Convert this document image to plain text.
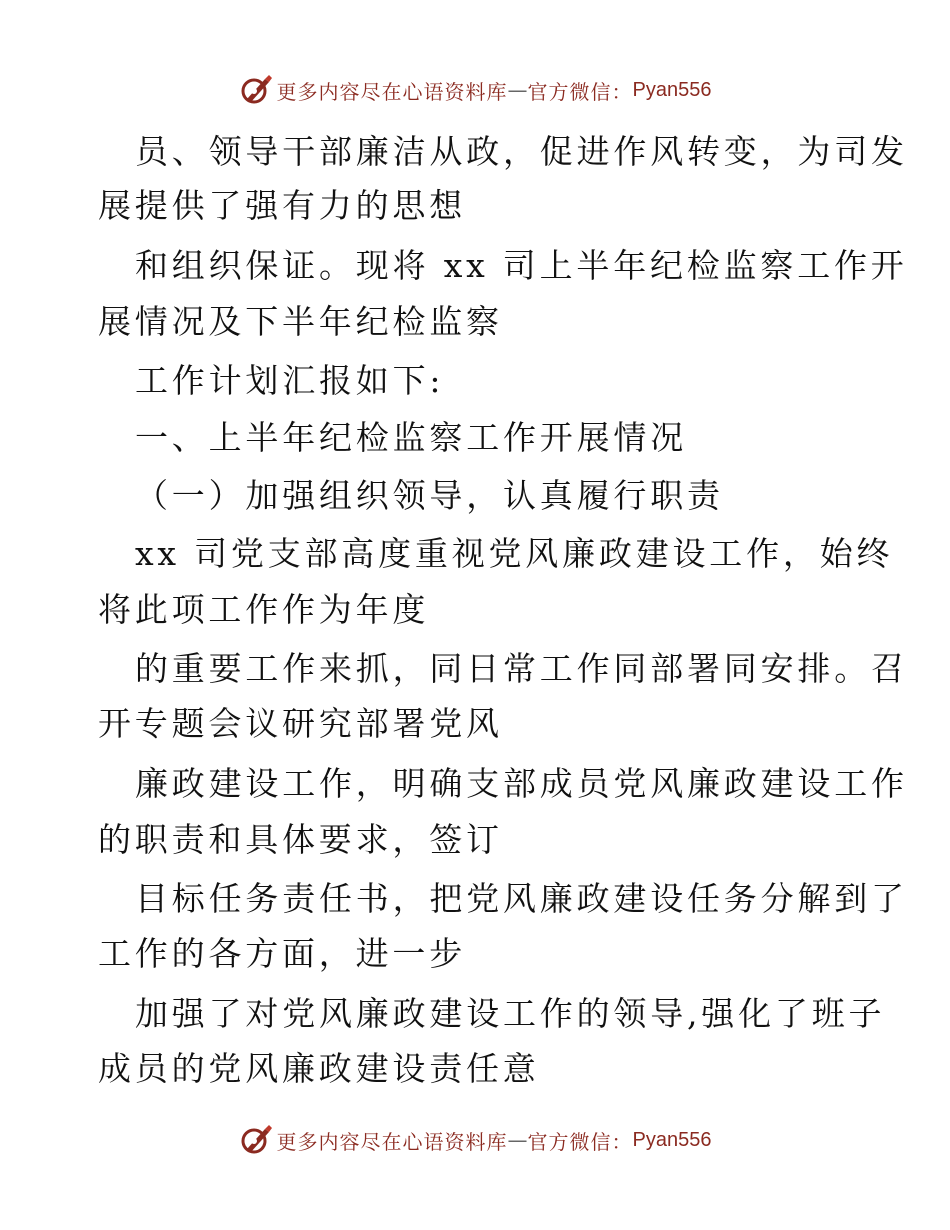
更多内容尽在心语资料库 — 官方微信： Pyan556
员、领导干部廉洁从政，促进作风转变，为司发
展提供了强有力的思想
和组织保证。现将 xx 司上半年纪检监察工作开
展情况及下半年纪检监察
工作计划汇报如下:
一、上半年纪检监察工作开展情况
（一）加强组织领导，认真履行职责
xx 司党支部高度重视党风廉政建设工作，始终
将此项工作作为年度
的重要工作来抓，同日常工作同部署同安排。召
开专题会议研究部署党风
廉政建设工作，明确支部成员党风廉政建设工作
的职责和具体要求，签订
目标任务责任书，把党风廉政建设任务分解到了
工作的各方面，进一步
加强了对党风廉政建设工作的领导,强化了班子
成员的党风廉政建设责任意
更多内容尽在心语资料库 — 官方微信： Pyan556
